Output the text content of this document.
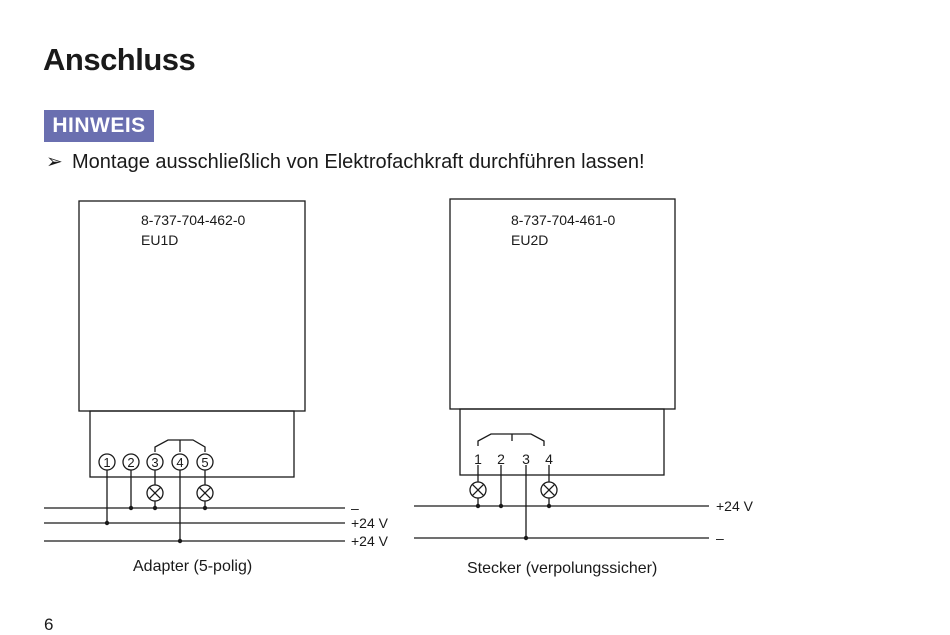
Anschluss
HINWEIS
➢ Montage ausschließlich von Elektrofachkraft durchführen lassen!
8-737-704-462-0
EU1D
1 2 3 4 5
–
+24 V
+24 V
Adapter (5-polig)
8-737-704-461-0
EU2D
1 2 3 4
+24 V
–
Stecker (verpolungssicher)
6
